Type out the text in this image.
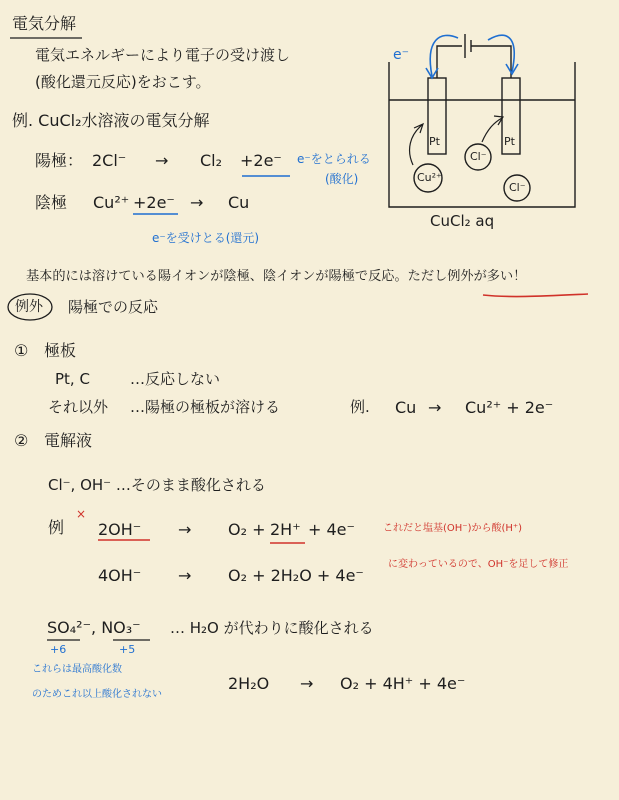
電気分解
電気エネルギーにより電子の受け渡し
(酸化還元反応)をおこす。
例. CuCl₂水溶液の電気分解
e⁻
Pt	Pt
Cu²⁺
Cl⁻
Cl⁻
CuCl₂ aq
陽極： 2Cl⁻ → Cl₂ +2e⁻ e⁻をとられる
(酸化)
陰極 Cu²⁺ +2e⁻ → Cu
e⁻を受けとる(還元)
基本的には溶けている陽イオンが陰極、陰イオンが陽極で反応。ただし例外が多い！
例外 陽極での反応
① 極板
Pt, C	…反応しない
それ以外 …陽極の極板が溶ける	例. Cu → Cu²⁺ + 2e⁻
② 電解液
Cl⁻, OH⁻ …そのまま酸化される
例
×
2OH⁻ → O₂ + 2H⁺ + 4e⁻	これだと塩基(OH⁻)から酸(H⁺)
に変わっているので、OH⁻を足して修正
4OH⁻ → O₂ + 2H₂O + 4e⁻
SO₄²⁻, NO₃⁻ … H₂O が代わりに酸化される
+6	+5
これらは最高酸化数
のためこれ以上酸化されない
2H₂O → O₂ + 4H⁺ + 4e⁻
